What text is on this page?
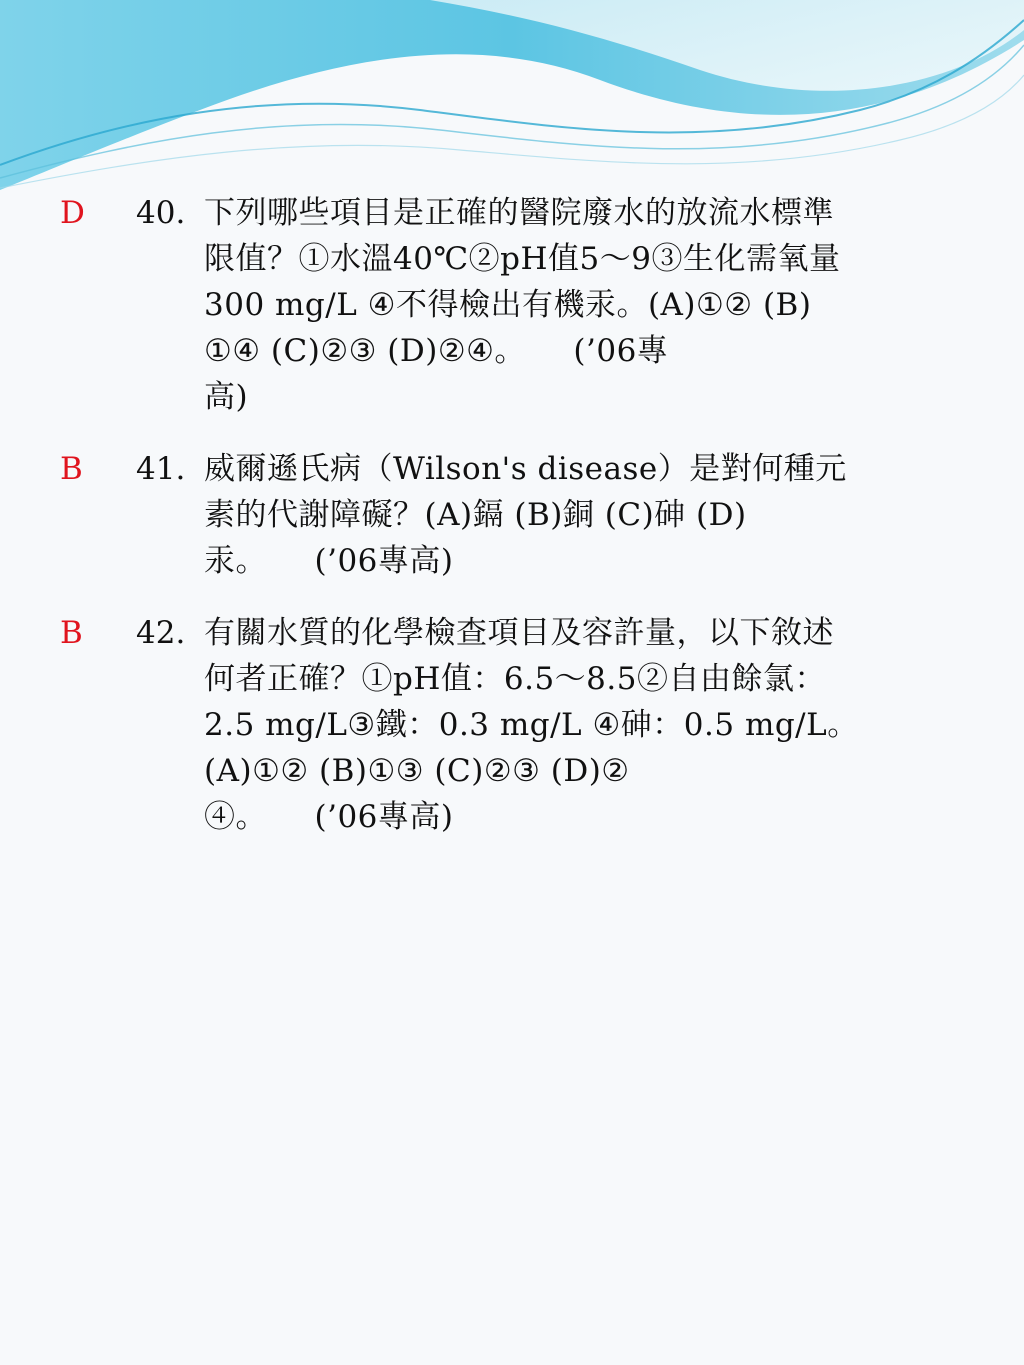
D	40. 下列哪些項目是正確的醫院廢水的放流水標準
限值？①水溫40℃②pH值5～9③生化需氧量
300 mg/L ④不得檢出有機汞。(A)①② (B)
①④ (C)②③ (D)②④。　　(’06專
高)
B	41. 威爾遜氏病（Wilson's disease）是對何種元
素的代謝障礙？(A)鎘 (B)銅 (C)砷 (D)
汞。　　(’06專高)
B	42. 有關水質的化學檢查項目及容許量，以下敘述
何者正確？①pH值：6.5～8.5②自由餘氯：
2.5 mg/L③鐵：0.3 mg/L ④砷：0.5 mg/L。
(A)①② (B)①③ (C)②③ (D)②
④。　　(’06專高)
